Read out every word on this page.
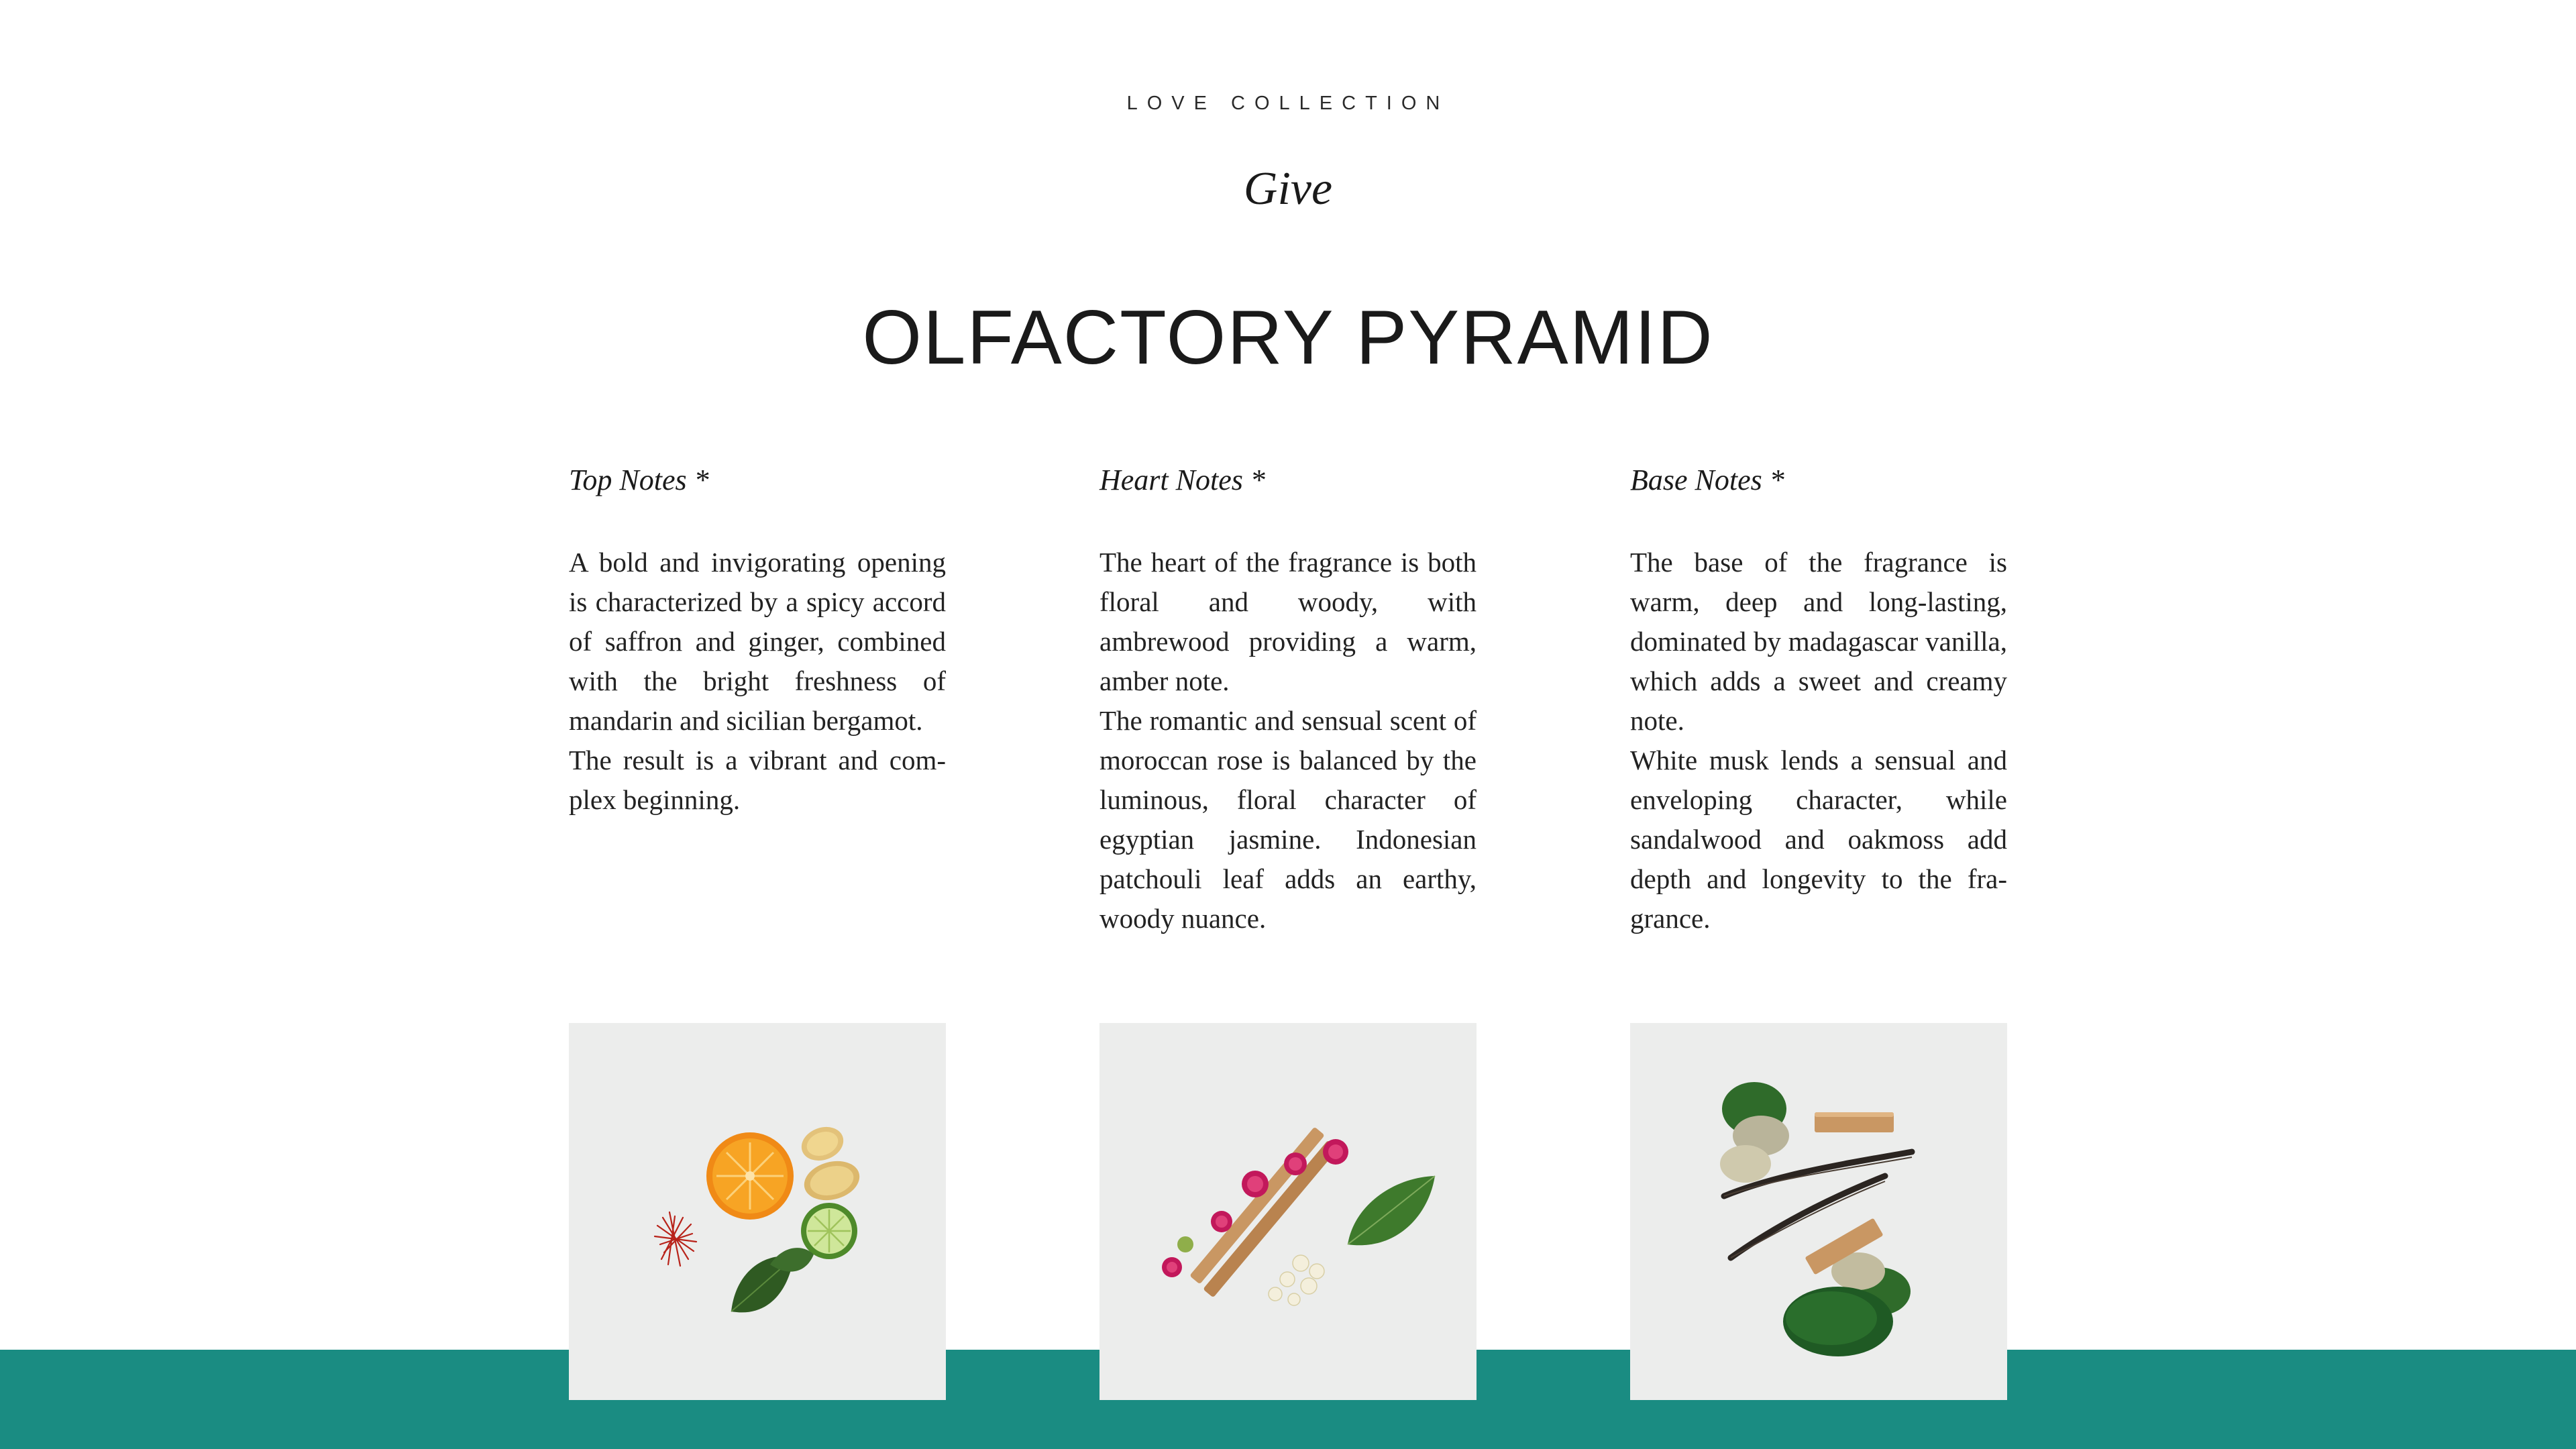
LOVE COLLECTION
Give
OLFACTORY PYRAMID
Top Notes *

A bold and invigorating opening is characterized by a spicy accord of saffron and ginger, combined with the bright freshness of mandarin and sicilian bergamot.

The result is a vibrant and complex beginning.

Heart Notes *

The heart of the fragrance is both floral and woody, with ambrewood providing a warm, amber note.

The romantic and sensual scent of moroccan rose is balanced by the luminous, floral character of egyptian jasmine. Indonesian patchouli leaf adds an earthy, woody nuance.

Base Notes *

The base of the fragrance is warm, deep and long-lasting, dominated by madagascar vanilla, which adds a sweet and creamy note.

White musk lends a sensual and enveloping character, while sandalwood and oakmoss add depth and longevity to the fragrance.
